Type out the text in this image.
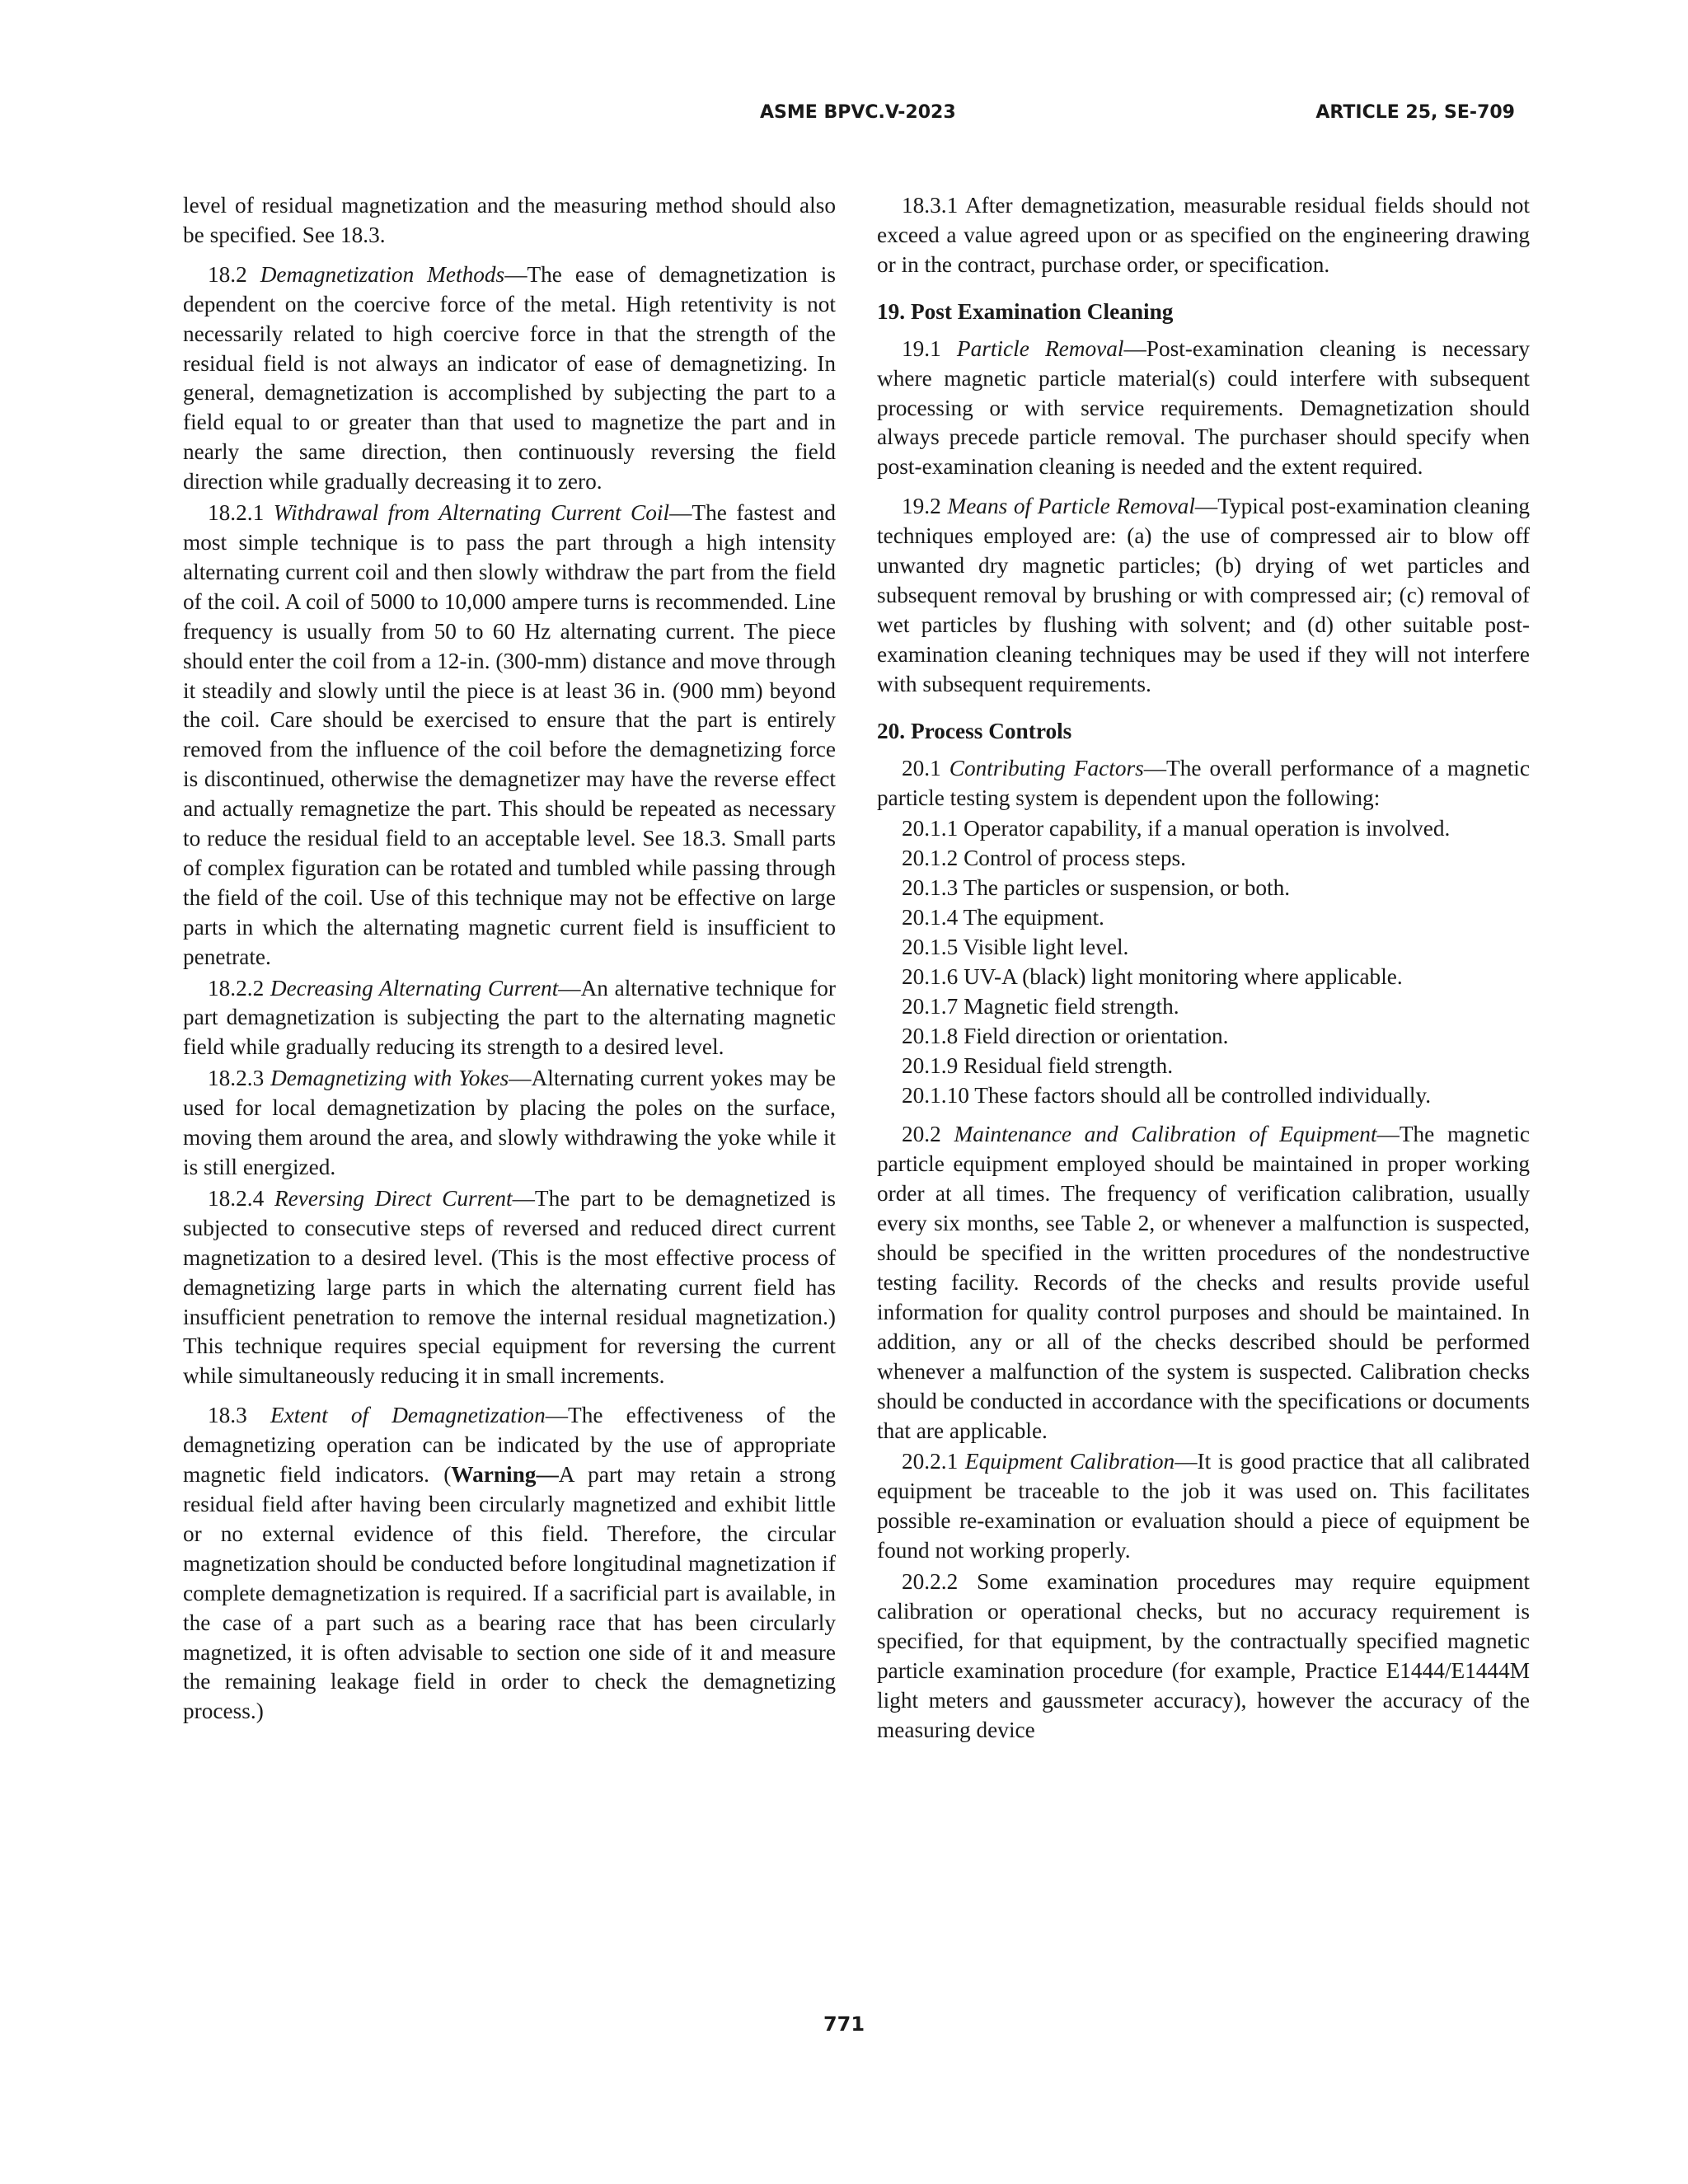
ASME BPVC.V-2023	ARTICLE 25, SE-709

level of residual magnetization and the measuring method should also be specified. See 18.3.

18.2 Demagnetization Methods—The ease of demagnetization is dependent on the coercive force of the metal. High retentivity is not necessarily related to high coercive force in that the strength of the residual field is not always an indicator of ease of demagnetizing. In general, demagnetization is accomplished by subjecting the part to a field equal to or greater than that used to magnetize the part and in nearly the same direction, then continuously reversing the field direction while gradually decreasing it to zero.

18.2.1 Withdrawal from Alternating Current Coil—The fastest and most simple technique is to pass the part through a high intensity alternating current coil and then slowly withdraw the part from the field of the coil. A coil of 5000 to 10,000 ampere turns is recommended. Line frequency is usually from 50 to 60 Hz alternating current. The piece should enter the coil from a 12-in. (300-mm) distance and move through it steadily and slowly until the piece is at least 36 in. (900 mm) beyond the coil. Care should be exercised to ensure that the part is entirely removed from the influence of the coil before the demagnetizing force is discontinued, otherwise the demagnetizer may have the reverse effect and actually remagnetize the part. This should be repeated as necessary to reduce the residual field to an acceptable level. See 18.3. Small parts of complex figuration can be rotated and tumbled while passing through the field of the coil. Use of this technique may not be effective on large parts in which the alternating magnetic current field is insufficient to penetrate.

18.2.2 Decreasing Alternating Current—An alternative technique for part demagnetization is subjecting the part to the alternating magnetic field while gradually reducing its strength to a desired level.

18.2.3 Demagnetizing with Yokes—Alternating current yokes may be used for local demagnetization by placing the poles on the surface, moving them around the area, and slowly withdrawing the yoke while it is still energized.

18.2.4 Reversing Direct Current—The part to be demagnetized is subjected to consecutive steps of reversed and reduced direct current magnetization to a desired level. (This is the most effective process of demagnetizing large parts in which the alternating current field has insufficient penetration to remove the internal residual magnetization.) This technique requires special equipment for reversing the current while simultaneously reducing it in small increments.

18.3 Extent of Demagnetization—The effectiveness of the demagnetizing operation can be indicated by the use of appropriate magnetic field indicators. (Warning—A part may retain a strong residual field after having been circularly magnetized and exhibit little or no external evidence of this field. Therefore, the circular magnetization should be conducted before longitudinal magnetization if complete demagnetization is required. If a sacrificial part is available, in the case of a part such as a bearing race that has been circularly magnetized, it is often advisable to section one side of it and measure the remaining leakage field in order to check the demagnetizing process.)

18.3.1 After demagnetization, measurable residual fields should not exceed a value agreed upon or as specified on the engineering drawing or in the contract, purchase order, or specification.

19. Post Examination Cleaning

19.1 Particle Removal—Post-examination cleaning is necessary where magnetic particle material(s) could interfere with subsequent processing or with service requirements. Demagnetization should always precede particle removal. The purchaser should specify when post-examination cleaning is needed and the extent required.

19.2 Means of Particle Removal—Typical post-examination cleaning techniques employed are: (a) the use of compressed air to blow off unwanted dry magnetic particles; (b) drying of wet particles and subsequent removal by brushing or with compressed air; (c) removal of wet particles by flushing with solvent; and (d) other suitable post-examination cleaning techniques may be used if they will not interfere with subsequent requirements.

20. Process Controls

20.1 Contributing Factors—The overall performance of a magnetic particle testing system is dependent upon the following:

20.1.1 Operator capability, if a manual operation is involved.

20.1.2 Control of process steps.

20.1.3 The particles or suspension, or both.

20.1.4 The equipment.

20.1.5 Visible light level.

20.1.6 UV-A (black) light monitoring where applicable.

20.1.7 Magnetic field strength.

20.1.8 Field direction or orientation.

20.1.9 Residual field strength.

20.1.10 These factors should all be controlled individually.

20.2 Maintenance and Calibration of Equipment—The magnetic particle equipment employed should be maintained in proper working order at all times. The frequency of verification calibration, usually every six months, see Table 2, or whenever a malfunction is suspected, should be specified in the written procedures of the nondestructive testing facility. Records of the checks and results provide useful information for quality control purposes and should be maintained. In addition, any or all of the checks described should be performed whenever a malfunction of the system is suspected. Calibration checks should be conducted in accordance with the specifications or documents that are applicable.

20.2.1 Equipment Calibration—It is good practice that all calibrated equipment be traceable to the job it was used on. This facilitates possible re-examination or evaluation should a piece of equipment be found not working properly.

20.2.2 Some examination procedures may require equipment calibration or operational checks, but no accuracy requirement is specified, for that equipment, by the contractually specified magnetic particle examination procedure (for example, Practice E1444/E1444M light meters and gaussmeter accuracy), however the accuracy of the measuring device

771
